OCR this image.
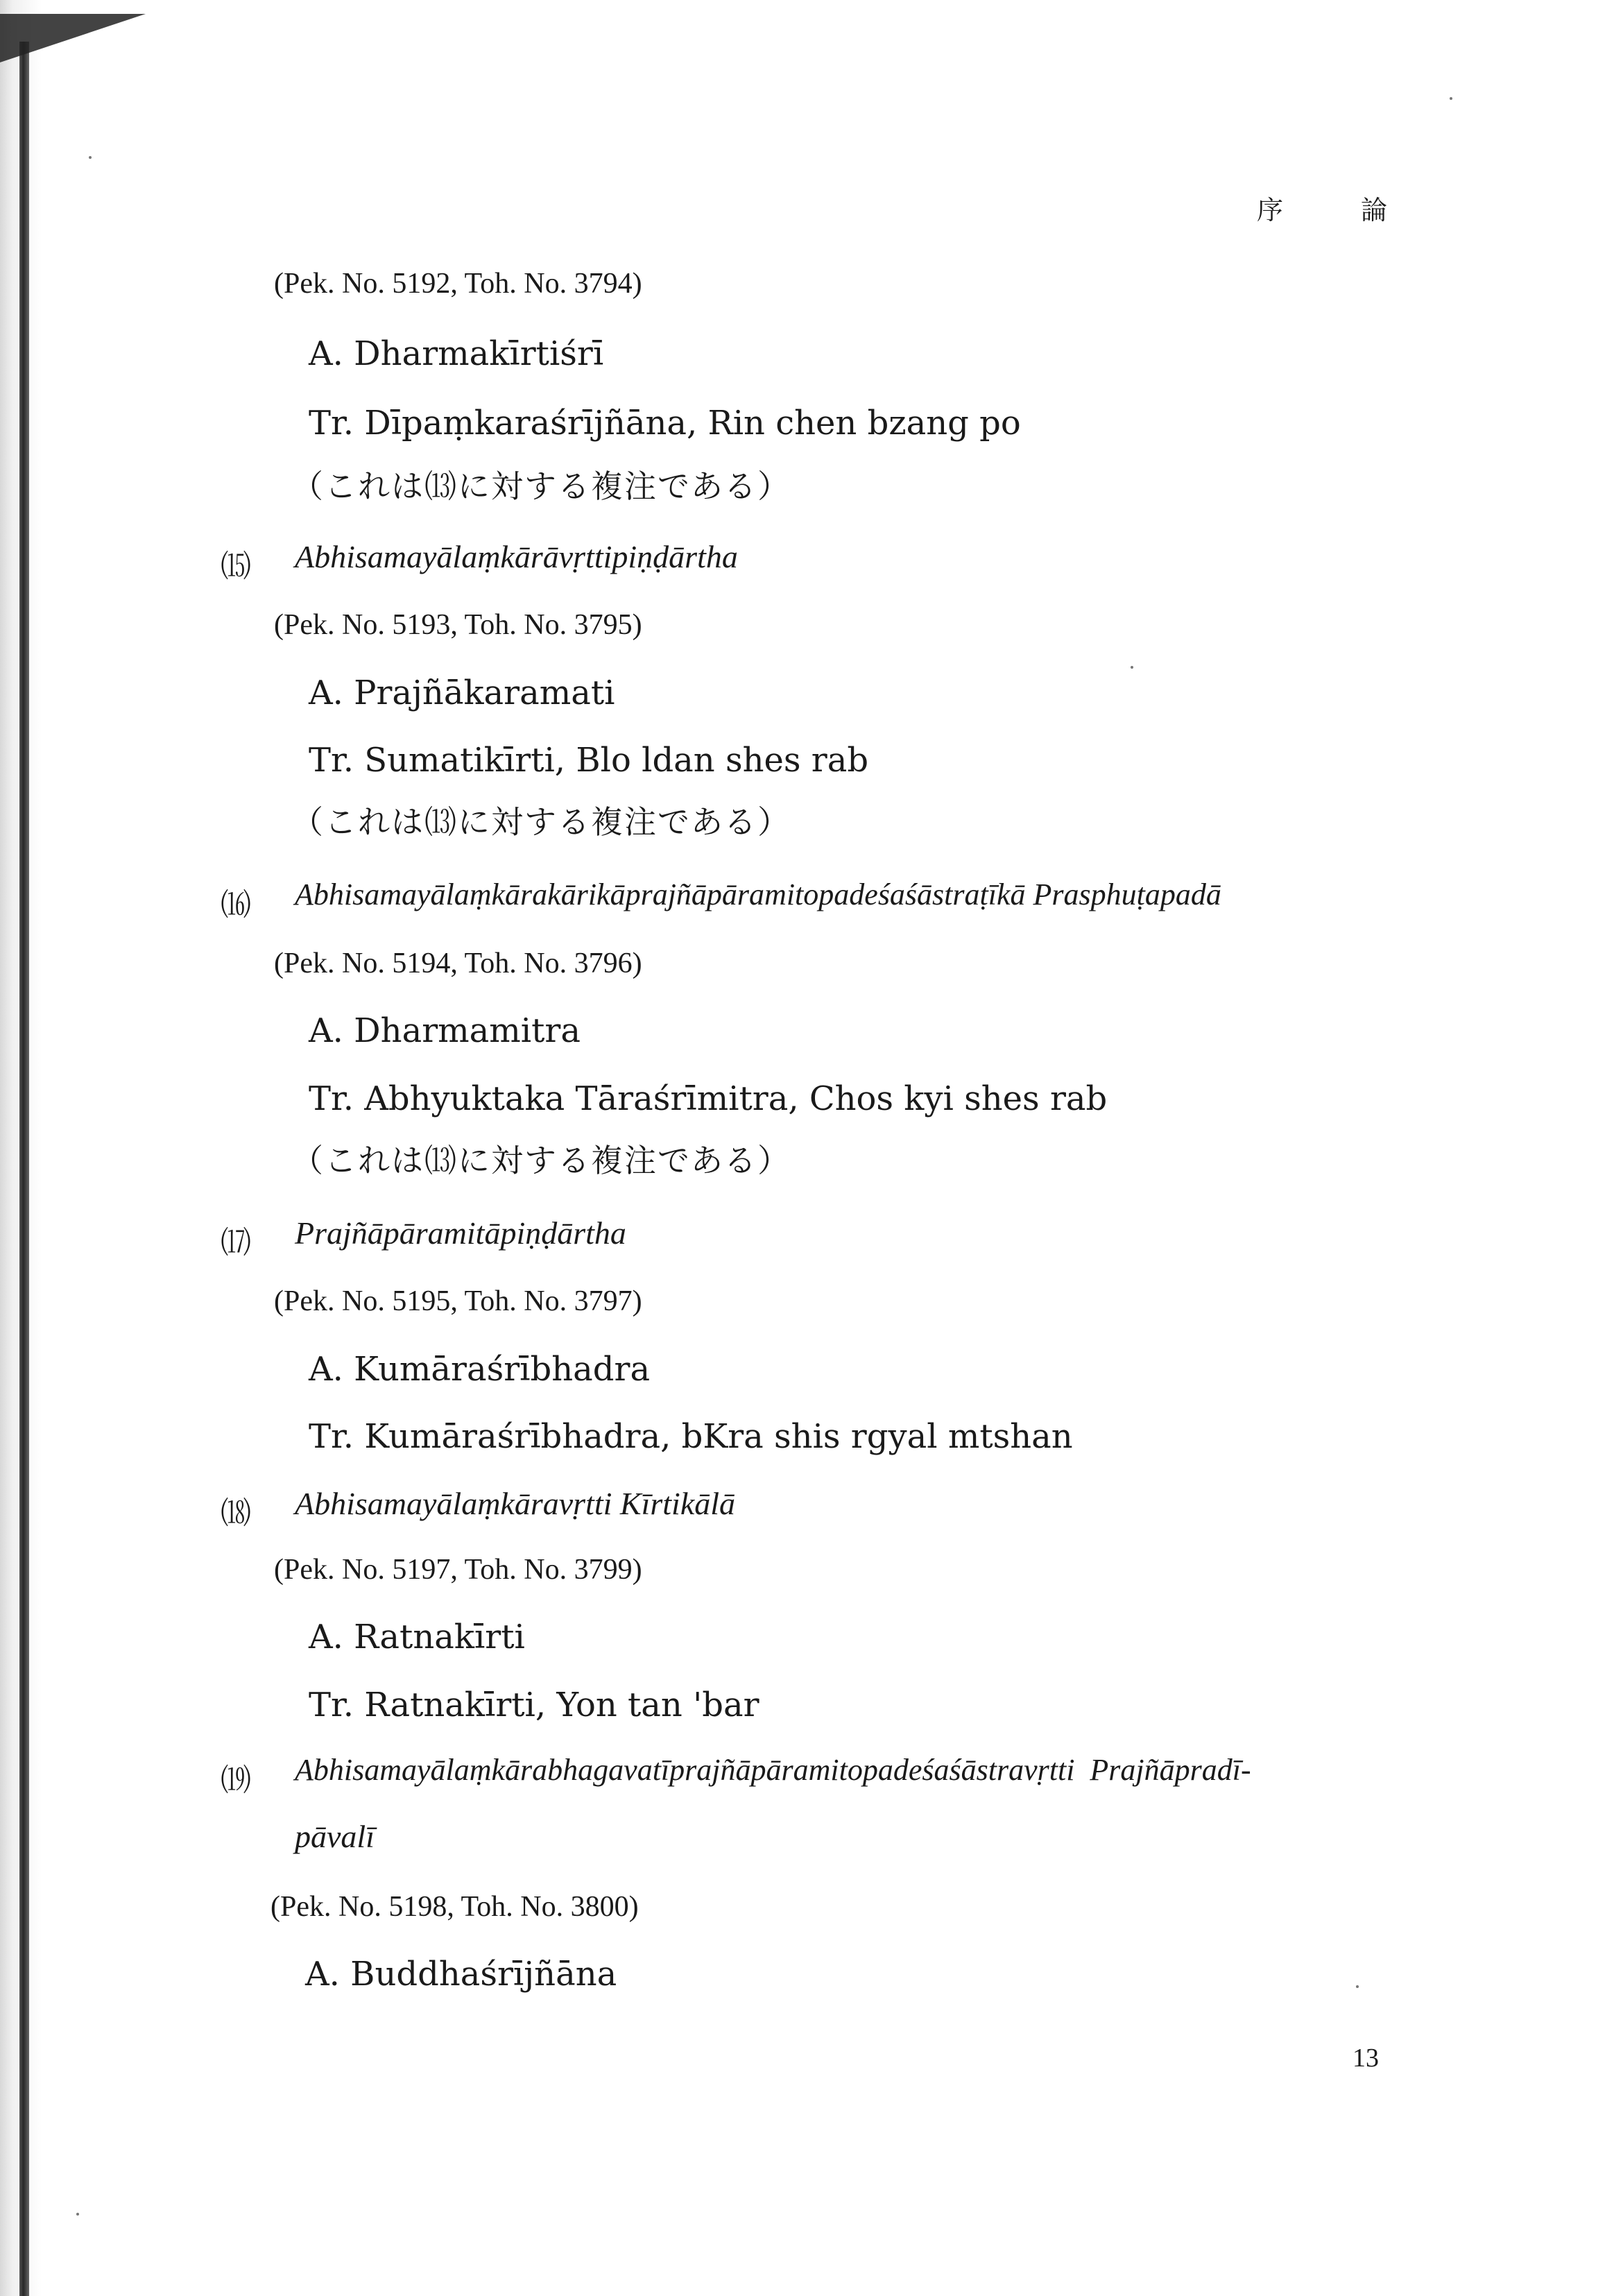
序	論
(Pek. No. 5192, Toh. No. 3794)
A. Dharmakīrtiśrī
Tr. Dīpaṃkaraśrījñāna, Rin chen bzang po
（これは⒀に対する複注である）
⒂ Abhisamayālaṃkārāvṛttipiṇḍārtha
(Pek. No. 5193, Toh. No. 3795)
A. Prajñākaramati
Tr. Sumatikīrti, Blo ldan shes rab
（これは⒀に対する複注である）
⒃ Abhisamayālaṃkārakārikāprajñāpāramitopadeśaśāstraṭīkā Prasphuṭapadā
(Pek. No. 5194, Toh. No. 3796)
A. Dharmamitra
Tr. Abhyuktaka Tāraśrīmitra, Chos kyi shes rab
（これは⒀に対する複注である）
⒄ Prajñāpāramitāpiṇḍārtha
(Pek. No. 5195, Toh. No. 3797)
A. Kumāraśrībhadra
Tr. Kumāraśrībhadra, bKra shis rgyal mtshan
⒅ Abhisamayālaṃkāravṛtti Kīrtikālā
(Pek. No. 5197, Toh. No. 3799)
A. Ratnakīrti
Tr. Ratnakīrti, Yon tan 'bar
⒆ Abhisamayālaṃkārabhagavatīprajñāpāramitopadeśaśāstravṛtti  Prajñāpradī-
pāvalī
(Pek. No. 5198, Toh. No. 3800)
A. Buddhaśrījñāna
13
